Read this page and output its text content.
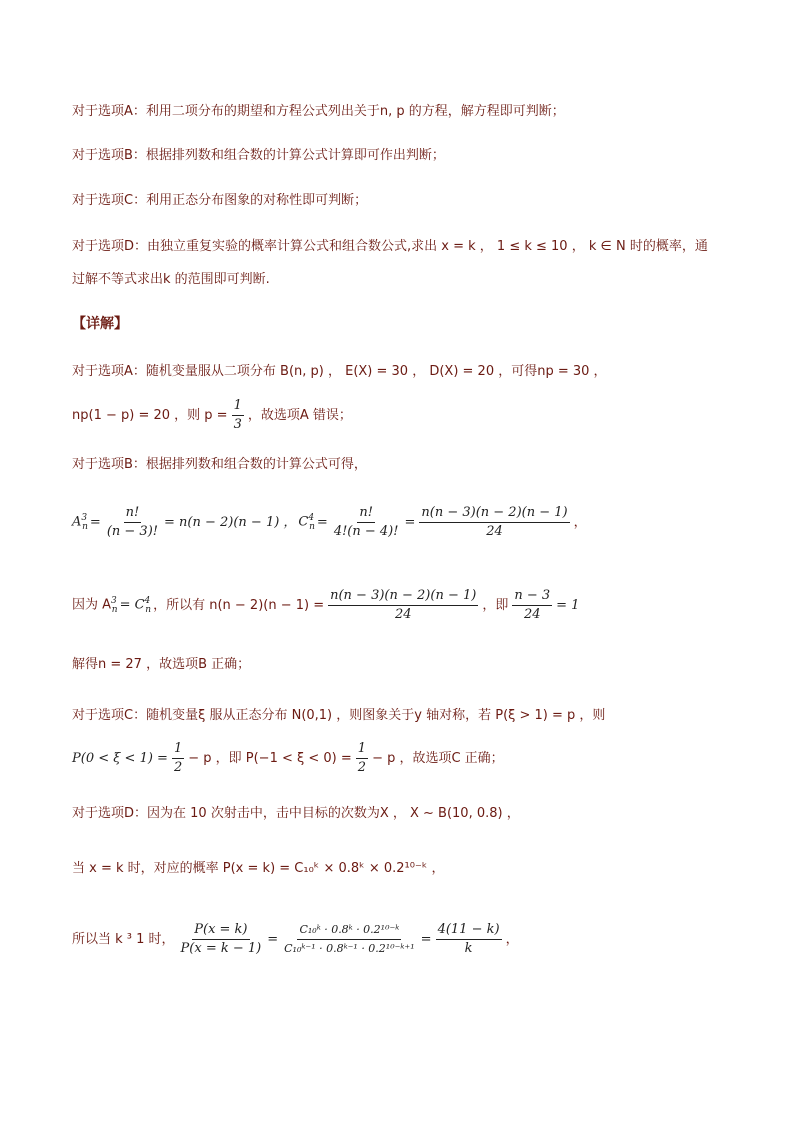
对于选项A：利用二项分布的期望和方程公式列出关于n, p 的方程，解方程即可判断；
对于选项B：根据排列数和组合数的计算公式计算即可作出判断；
对于选项C：利用正态分布图象的对称性即可判断；
对于选项D：由独立重复实验的概率计算公式和组合数公式,求出 x = k ， 1 ≤ k ≤ 10 ， k ∈ N 时的概率，通
过解不等式求出k 的范围即可判断.
【详解】
对于选项A：随机变量服从二项分布 B(n, p) ， E(X) = 30 ， D(X) = 20 ，可得np = 30 ，
np(1 − p) = 20 ，则 $p = \frac{1}{3}$ ，故选项A 错误；
对于选项B：根据排列数和组合数的计算公式可得，
$A^3_n = \frac{n!}{(n - 3)!} = n(n - 2)(n - 1)$ ， $C^4_n = \frac{n!}{4!(n - 4)!} = \frac{n(n - 3)(n - 2)(n - 1)}{24}$ ，
因为 $A^3_n = C^4_n$ ，所以有 $n(n - 2)(n - 1) = \frac{n(n - 3)(n - 2)(n - 1)}{24}$ ，即 $\frac{n - 3}{24} = 1$
解得n = 27 ，故选项B 正确；
对于选项C：随机变量ξ 服从正态分布 N(0,1) ，则图象关于y 轴对称，若 P(ξ > 1) = p ，则
$P(0 < \xi < 1) = \frac{1}{2} - p$ ，即 $P(-1 < \xi < 0) = \frac{1}{2} - p$ ，故选项C 正确；
对于选项D：因为在 10 次射击中，击中目标的次数为X ， X ~ B(10, 0.8) ，
当 x = k 时，对应的概率 P(x = k) = C₁₀ᵏ × 0.8ᵏ × 0.2¹⁰⁻ᵏ ，
所以当 k ³ 1 时， $\frac{P(x = k)}{P(x = k - 1)} = \frac{\text{C₁₀ᵏ · 0.8ᵏ · 0.2¹⁰⁻ᵏ}}{\text{C₁₀ᵏ⁻¹ · 0.8ᵏ⁻¹ · 0.2¹⁰⁻ᵏ⁺¹}} = \frac{4(11 - k)}{k}$ ，
